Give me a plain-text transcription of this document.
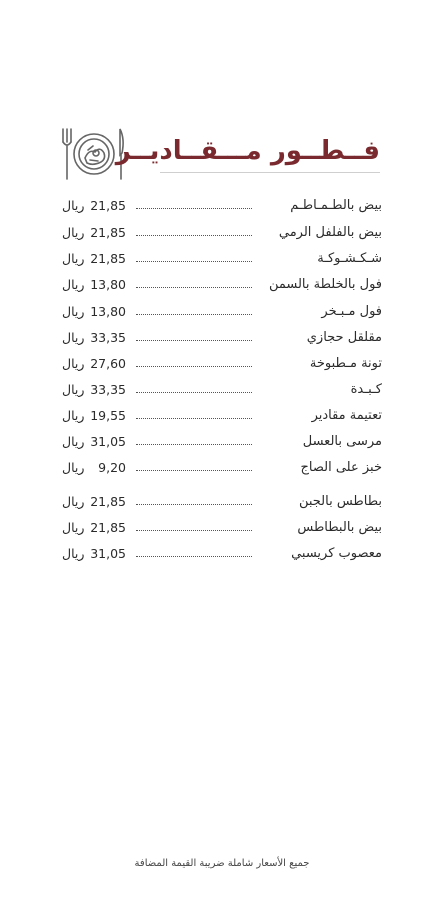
فــطــور مـــقــاديــر
بيض بالطـمـاطـم
21,85
ريال
بيض بالفلفل الرمي
21,85
ريال
شـكـشـوكـة
21,85
ريال
فول بالخلطة بالسمن
13,80
ريال
فول مـبـخر
13,80
ريال
مقلقل حجازي
33,35
ريال
تونة مـطبوخة
27,60
ريال
كـبـدة
33,35
ريال
تعتيمة مقادير
19,55
ريال
مرسى بالعسل
31,05
ريال
خبز على الصاج
9,20
ريال
بطاطس بالجبن
21,85
ريال
بيض بالبطاطس
21,85
ريال
معصوب كريسبي
31,05
ريال
جميع الأسعار شاملة ضريبة القيمة المضافة
